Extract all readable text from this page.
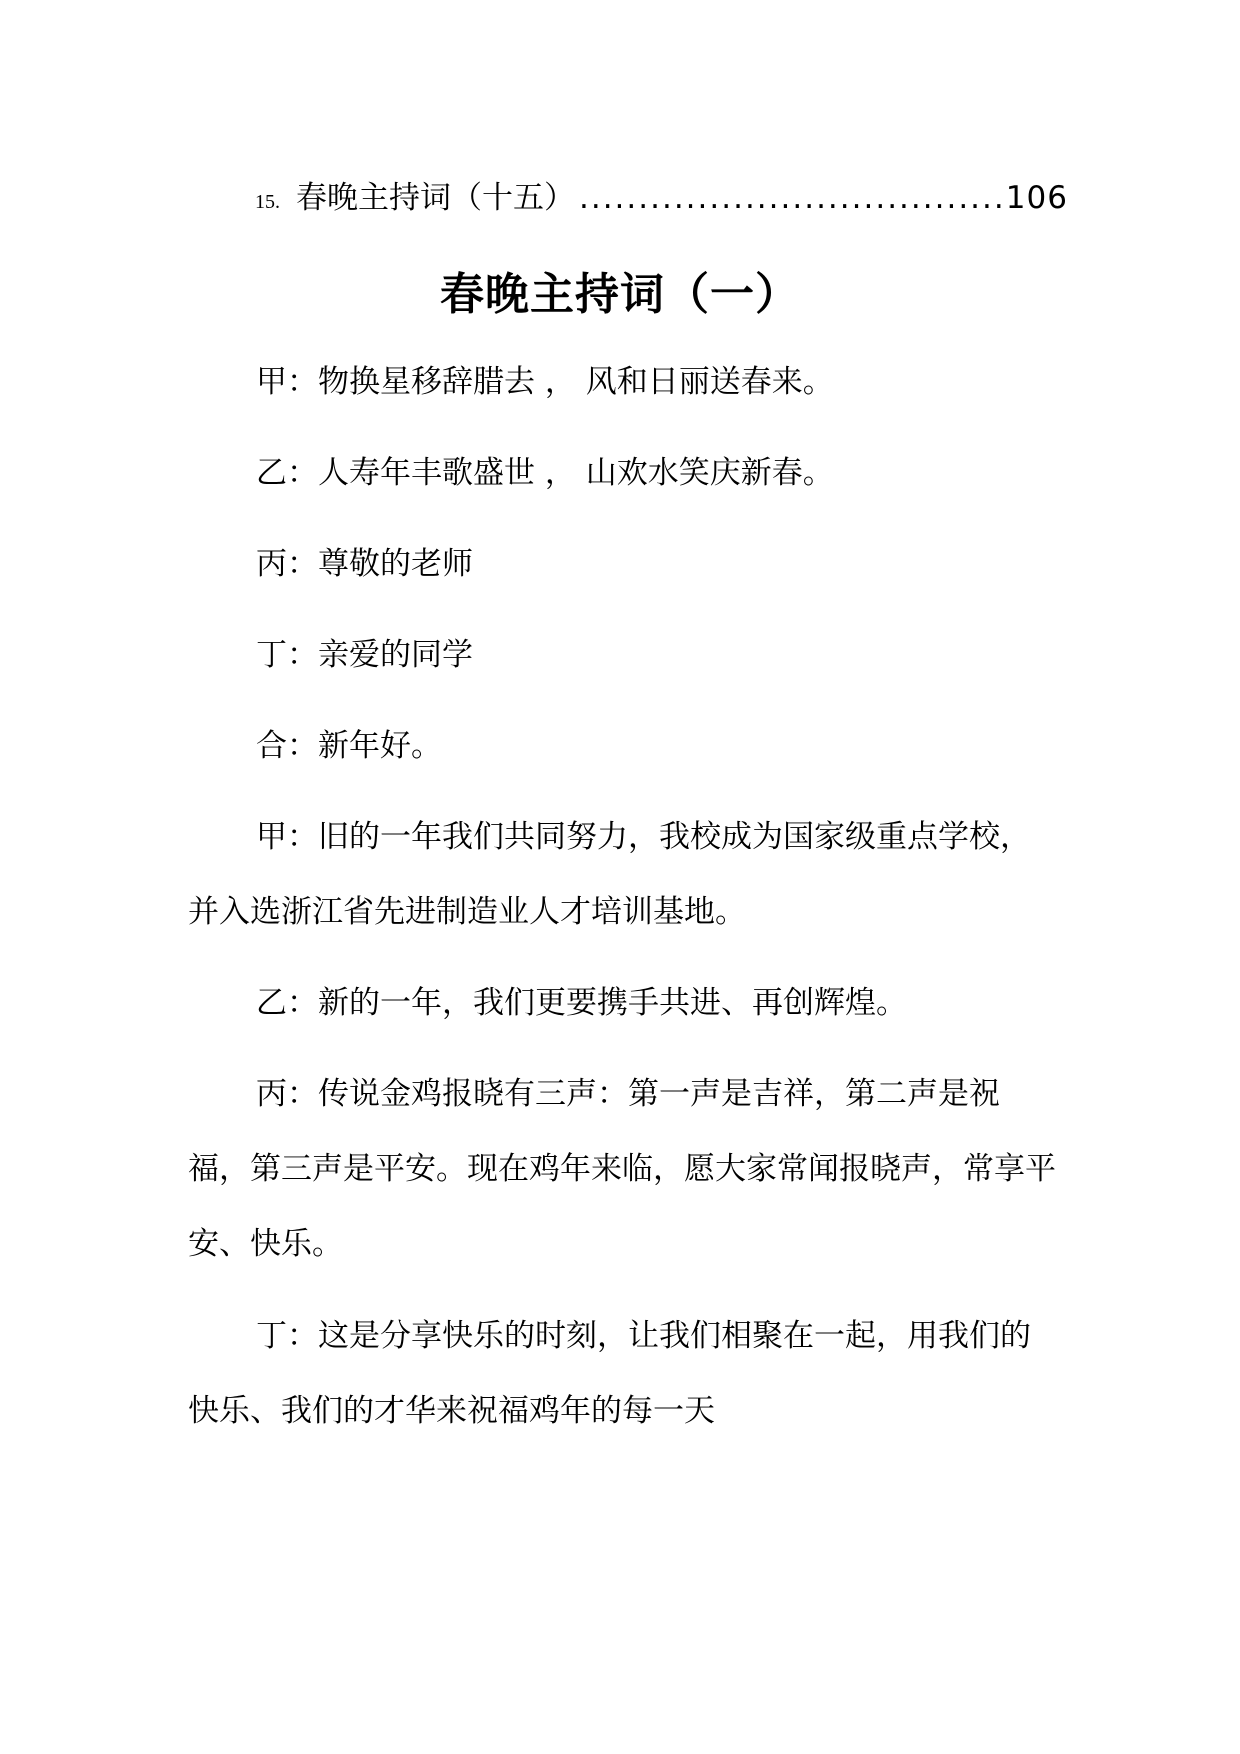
15. 春晚主持词（十五） .................................... 106
春晚主持词（一）

甲：物换星移辞腊去 ， 风和日丽送春来。

乙：人寿年丰歌盛世 ， 山欢水笑庆新春。

丙：尊敬的老师

丁：亲爱的同学

合：新年好。

甲：旧的一年我们共同努力，我校成为国家级重点学校，并入选浙江省先进制造业人才培训基地。

乙：新的一年，我们更要携手共进、再创辉煌。

丙：传说金鸡报晓有三声：第一声是吉祥，第二声是祝福，第三声是平安。现在鸡年来临，愿大家常闻报晓声，常享平安、快乐。

丁：这是分享快乐的时刻，让我们相聚在一起，用我们的快乐、我们的才华来祝福鸡年的每一天
